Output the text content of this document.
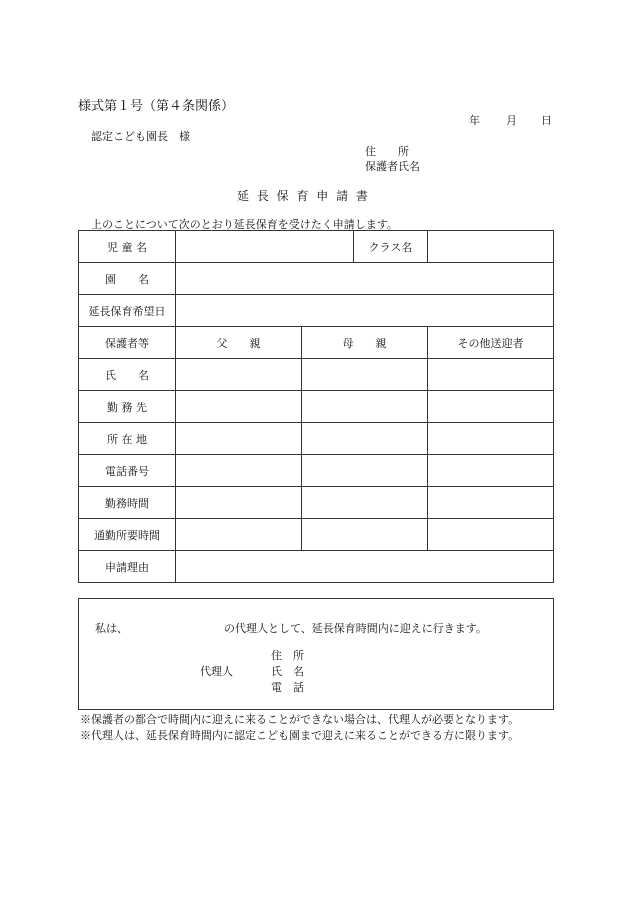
様式第１号（第４条関係）
年 月 日
認定こども園長　様
住　　所
保護者氏名
延 長 保 育 申 請 書
上のことについて次のとおり延長保育を受けたく申請します。
児 童 名			クラス名	
園　　名				
延長保育希望日				
保護者等	父　　親	母　　親		その他送迎者
氏　　名				
勤 務 先				
所 在 地				
電話番号				
勤務時間				
通勤所要時間				
申請理由				
私は、	の代理人として、延長保育時間内に迎えに行きます。
住　所
代理人	氏　名
電　話
※保護者の都合で時間内に迎えに来ることができない場合は、代理人が必要となります。
※代理人は、延長保育時間内に認定こども園まで迎えに来ることができる方に限ります。
